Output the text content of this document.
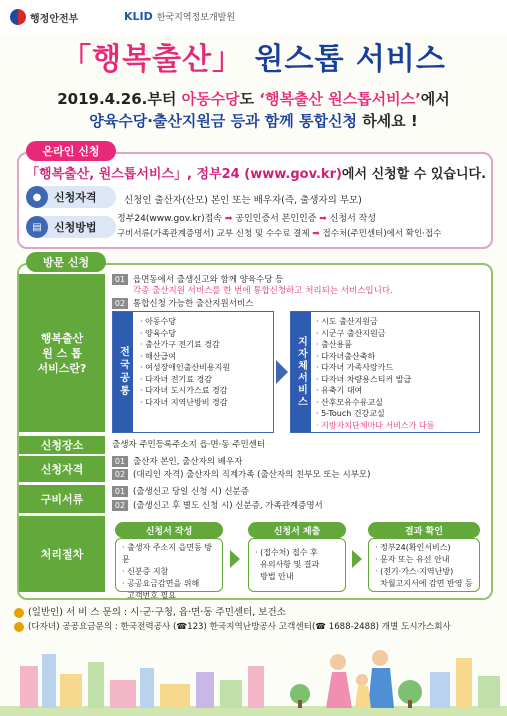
행정안전부	KLID 한국지역정보개발원
「행복출산」 원스톱 서비스
2019.4.26.부터 아동수당도 ‘행복출산 원스톱서비스’에서
양육수당·출산지원금 등과 함께 통합신청 하세요 !
온라인 신청
「행복출산, 원스톱서비스」, 정부24 (www.gov.kr)에서 신청할 수 있습니다.
●	신청자격	신청인 출산자(산모) 본인 또는 배우자(즉, 출생자의 부모)
▤	신청방법
정부24(www.gov.kr)접속 ➡ 공인인증서 본인인증 ➡ 신청서 작성
구비서류(가족관계증명서) 교부 신청 및 수수료 결제 ➡ 접수처(주민센터)에서 확인·접수
방문 신청
행복출산
원 스 톱
서비스란?
01 읍면동에서 출생신고와 함께 양육수당 등
각종 출산지원 서비스를 한 번에 통합신청하고 처리되는 서비스입니다.
02 통합신청 가능한 출산지원서비스
전국공통
· 아동수당
· 양육수당
· 출산가구 전기료 경감
· 해산급여
· 여성장애인출산비용지원
· 다자녀 전기료 경감
· 다자녀 도시가스료 경감
· 다자녀 지역난방비 경감	지자체서비스
· 시도 출산지원금
· 시군구 출산지원금
· 출산용품
· 다자녀출산축하
· 다자녀 가족사랑카드
· 다자녀 차량용스티커 발급
· 유축기 대여
· 산후모유수유교실
· 5-Touch 건강교실
· 지방자치단체마다 서비스가 다름
신청장소	출생자 주민등록주소지 읍·면·동 주민센터
신청자격
01 출산자 본인, 출산자의 배우자
02 (대리인 자격) 출산자의 직계가족 (출산자의 친부모 또는 시부모)
구비서류
01 (출생신고 당일 신청 시) 신분증
02 (출생신고 후 별도 신청 시) 신분증, 가족관계증명서
처리절차
신청서 작성
· 출생자 주소지 읍면동 방문
· 신분증 지참
· 공공요금감면을 위해
고객번호 필요
신청서 제출
· (접수처) 접수 후
유의사항 및 결과
방법 안내
결과 확인
· 정부24(확인서비스)
· 문자 또는 유선 안내
· (전기·가스·지역난방)
차월고지서에 감면 반영 등
(일반인) 서 비 스 문의 : 시·군·구청, 읍·면·동 주민센터, 보건소
(다자녀) 공공요금문의 : 한국전력공사 (☎123) 한국지역난방공사 고객센터(☎ 1688-2488) 개별 도시가스회사
